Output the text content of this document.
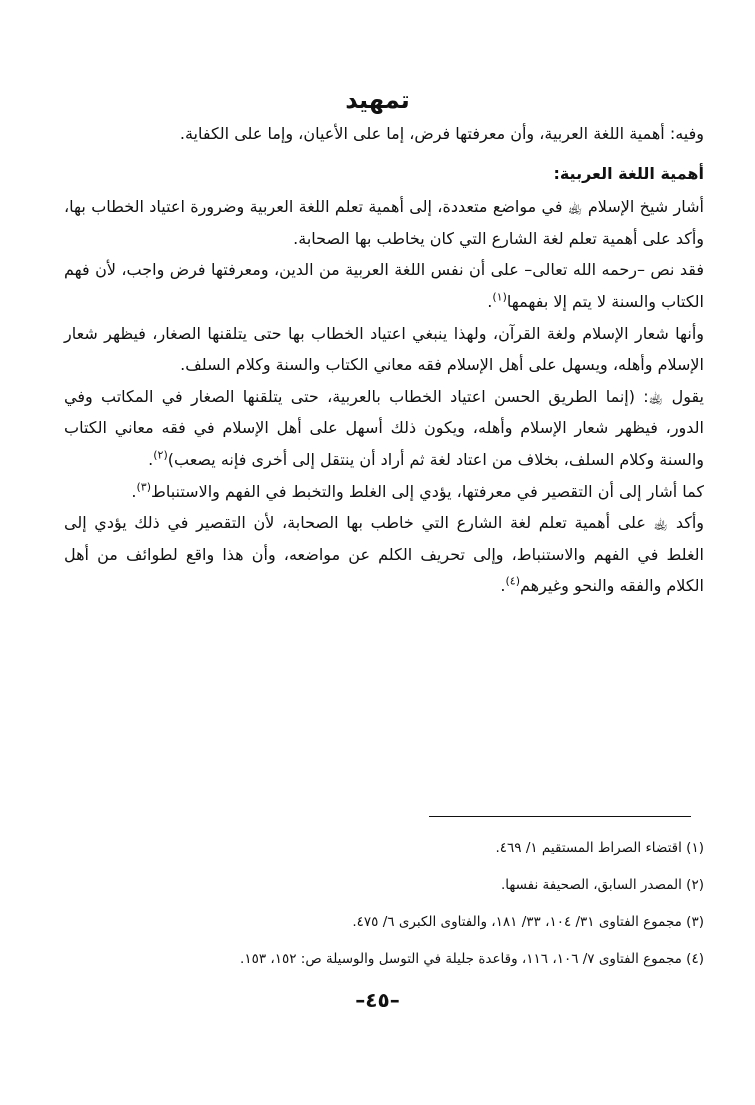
تمهيد

وفيه: أهمية اللغة العربية، وأن معرفتها فرض، إما على الأعيان، وإما على الكفاية.

أهمية اللغة العربية:

أشار شيخ الإسلام ﵀ في مواضع متعددة، إلى أهمية تعلم اللغة العربية وضرورة اعتياد الخطاب بها، وأكد على أهمية تعلم لغة الشارع التي كان يخاطب بها الصحابة.

فقد نص –رحمه الله تعالى– على أن نفس اللغة العربية من الدين، ومعرفتها فرض واجب، لأن فهم الكتاب والسنة لا يتم إلا بفهمها$^{(١)}$.

وأنها شعار الإسلام ولغة القرآن، ولهذا ينبغي اعتياد الخطاب بها حتى يتلقنها الصغار، فيظهر شعار الإسلام وأهله، ويسهل على أهل الإسلام فقه معاني الكتاب والسنة وكلام السلف.

يقول ﵀: (إنما الطريق الحسن اعتياد الخطاب بالعربية، حتى يتلقنها الصغار في المكاتب وفي الدور، فيظهر شعار الإسلام وأهله، ويكون ذلك أسهل على أهل الإسلام في فقه معاني الكتاب والسنة وكلام السلف، بخلاف من اعتاد لغة ثم أراد أن ينتقل إلى أخرى فإنه يصعب)$^{(٢)}$.

كما أشار إلى أن التقصير في معرفتها، يؤدي إلى الغلط والتخبط في الفهم والاستنباط$^{(٣)}$.

وأكد ﵀ على أهمية تعلم لغة الشارع التي خاطب بها الصحابة، لأن التقصير في ذلك يؤدي إلى الغلط في الفهم والاستنباط، وإلى تحريف الكلم عن مواضعه، وأن هذا واقع لطوائف من أهل الكلام والفقه والنحو وغيرهم$^{(٤)}$.

(١) اقتضاء الصراط المستقيم ١/ ٤٦٩.
(٢) المصدر السابق، الصحيفة نفسها.
(٣) مجموع الفتاوى ٣١/ ١٠٤، ٣٣/ ١٨١، والفتاوى الكبرى ٦/ ٤٧٥.
(٤) مجموع الفتاوى ٧/ ١٠٦، ١١٦، وقاعدة جليلة في التوسل والوسيلة ص: ١٥٢، ١٥٣.
–٤٥–
